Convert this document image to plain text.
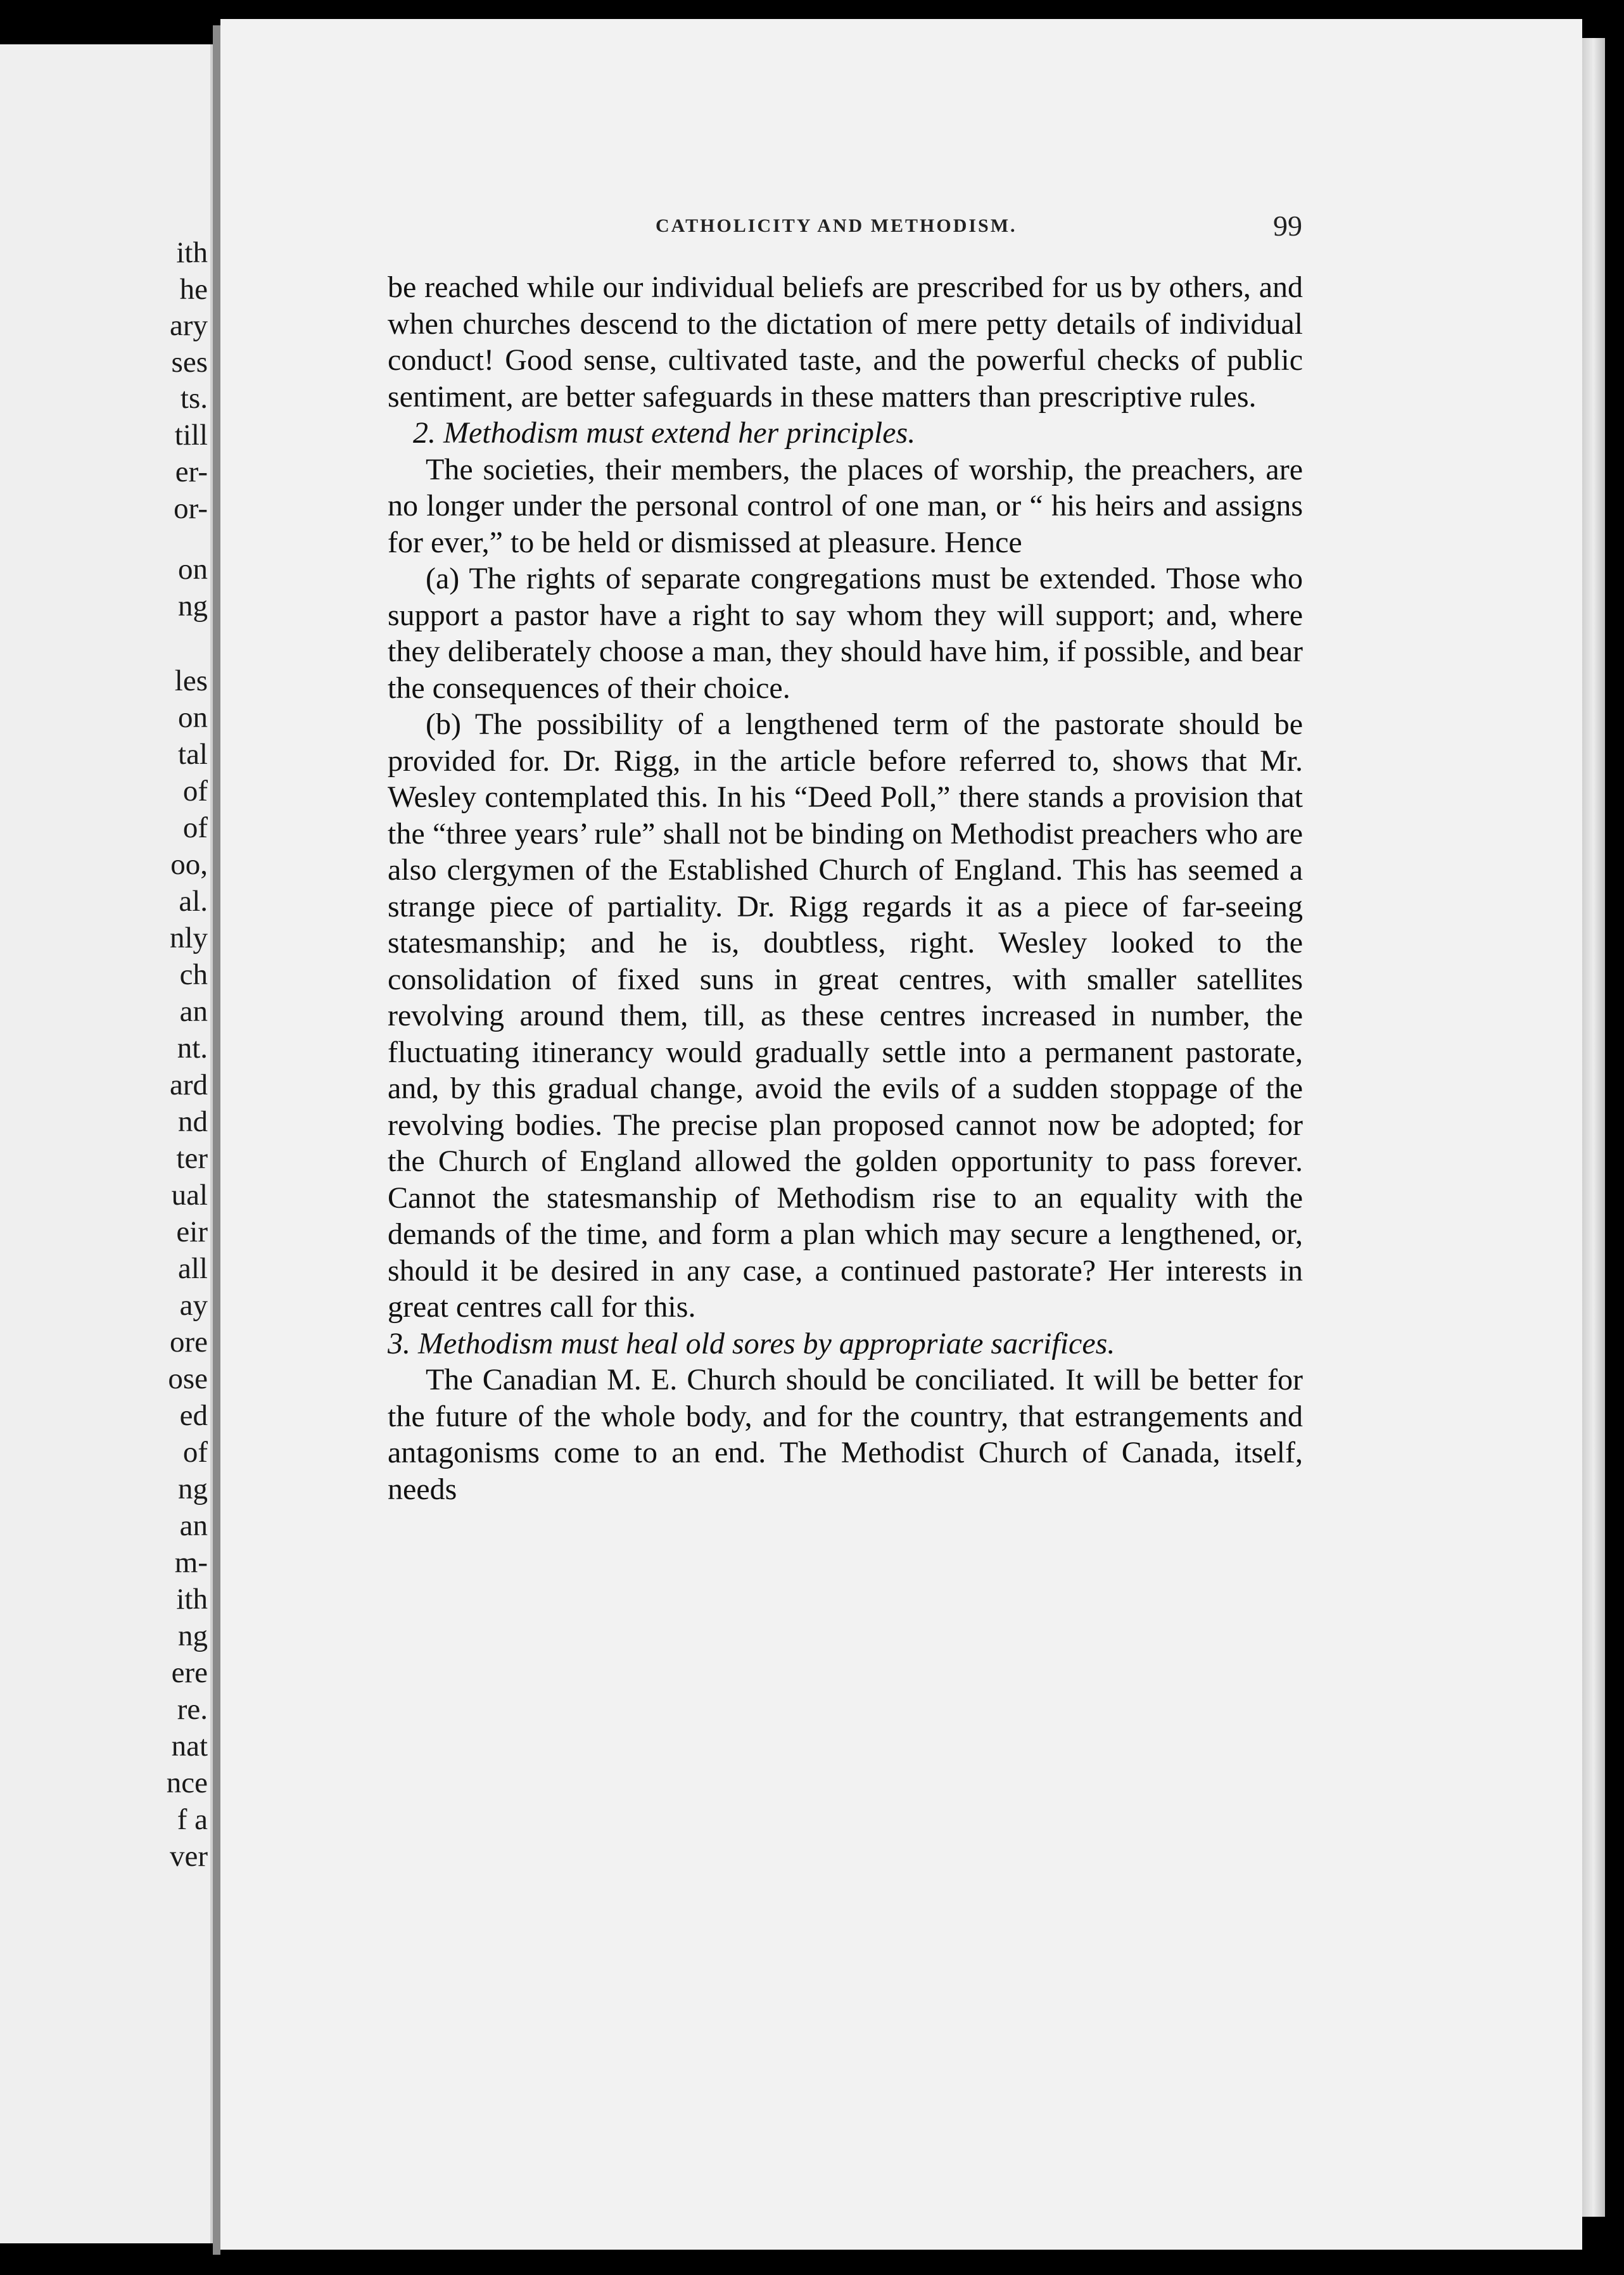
ith
he
ary
ses
ts.
till
er-
or-
on
ng
les
on
tal
of
of
oo,
al.
nly
ch
an
nt.
ard
nd
ter
ual
eir
all
ay
ore
ose
ed
of
ng
an
m-
ith
ng
ere
re.
nat
nce
f a
ver
CATHOLICITY AND METHODISM.	99

be reached while our individual beliefs are prescribed for us by others, and when churches descend to the dictation of mere petty details of individual conduct! Good sense, cultivated taste, and the powerful checks of public sentiment, are better safeguards in these matters than prescriptive rules.

2. Methodism must extend her principles.

The societies, their members, the places of worship, the preachers, are no longer under the personal control of one man, or “ his heirs and assigns for ever,” to be held or dismissed at pleasure. Hence

(a) The rights of separate congregations must be extended. Those who support a pastor have a right to say whom they will support; and, where they deliberately choose a man, they should have him, if possible, and bear the consequences of their choice.

(b) The possibility of a lengthened term of the pastorate should be provided for. Dr. Rigg, in the article before referred to, shows that Mr. Wesley contemplated this. In his “Deed Poll,” there stands a provision that the “three years’ rule” shall not be binding on Methodist preachers who are also clergymen of the Established Church of England. This has seemed a strange piece of partiality. Dr. Rigg regards it as a piece of far-seeing statesmanship; and he is, doubtless, right. Wesley looked to the consolidation of fixed suns in great centres, with smaller satellites revolving around them, till, as these centres increased in number, the fluctuating itinerancy would gradually settle into a permanent pastorate, and, by this gradual change, avoid the evils of a sudden stoppage of the revolving bodies. The precise plan proposed cannot now be adopted; for the Church of England allowed the golden opportunity to pass forever. Cannot the statesmanship of Methodism rise to an equality with the demands of the time, and form a plan which may secure a lengthened, or, should it be desired in any case, a continued pastorate? Her interests in great centres call for this.

3. Methodism must heal old sores by appropriate sacrifices.

The Canadian M. E. Church should be conciliated. It will be better for the future of the whole body, and for the country, that estrangements and antagonisms come to an end. The Methodist Church of Canada, itself, needs
